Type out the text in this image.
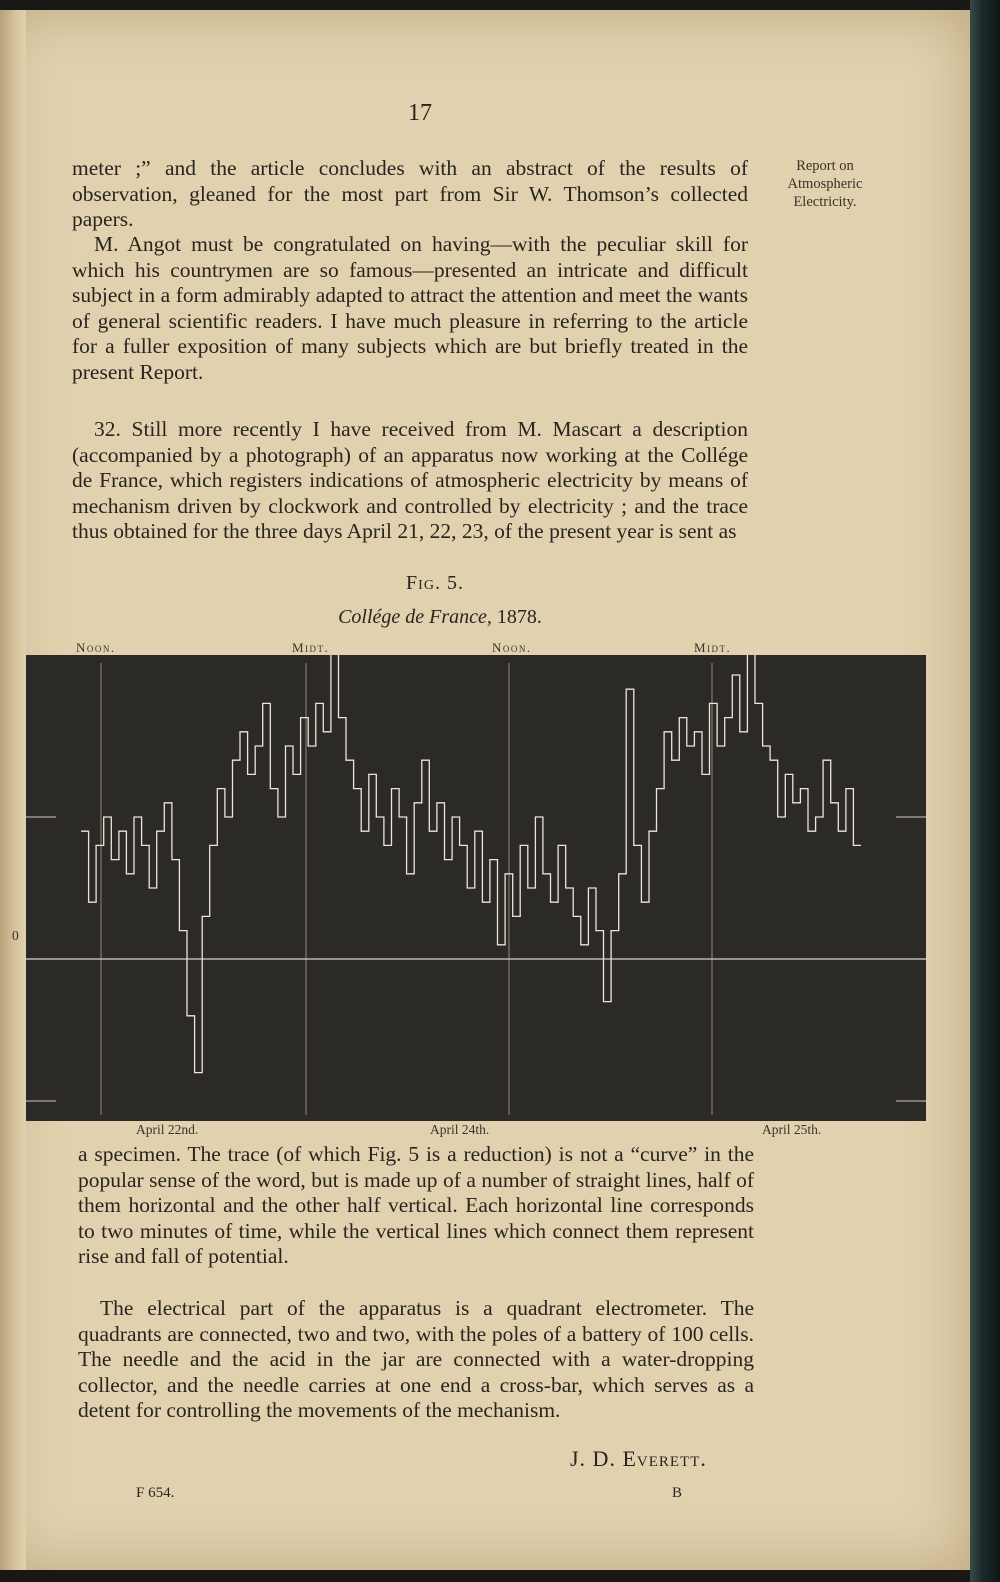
17
Report on Atmospheric Electricity.
meter ;” and the article concludes with an abstract of the results of observation, gleaned for the most part from Sir W. Thomson’s collected papers.
M. Angot must be congratulated on having—with the peculiar skill for which his countrymen are so famous—presented an intricate and difficult subject in a form admirably adapted to attract the attention and meet the wants of general scientific readers. I have much pleasure in referring to the article for a fuller exposition of many subjects which are but briefly treated in the present Report.
32. Still more recently I have received from M. Mascart a description (accompanied by a photograph) of an apparatus now working at the Collége de France, which registers indications of atmospheric electricity by means of mechanism driven by clockwork and controlled by electricity ; and the trace thus obtained for the three days April 21, 22, 23, of the present year is sent as
Fig. 5.
Collége de France, 1878.
Noon.	Midt.	Noon.	Midt.
April 22nd.	April 24th.	April 25th.
0
a specimen. The trace (of which Fig. 5 is a reduction) is not a “curve” in the popular sense of the word, but is made up of a number of straight lines, half of them horizontal and the other half vertical. Each horizontal line corresponds to two minutes of time, while the vertical lines which connect them represent rise and fall of potential.
The electrical part of the apparatus is a quadrant electrometer. The quadrants are connected, two and two, with the poles of a battery of 100 cells. The needle and the acid in the jar are connected with a water-dropping collector, and the needle carries at one end a cross-bar, which serves as a detent for controlling the movements of the mechanism.
J. D. Everett.
F 654.	B
